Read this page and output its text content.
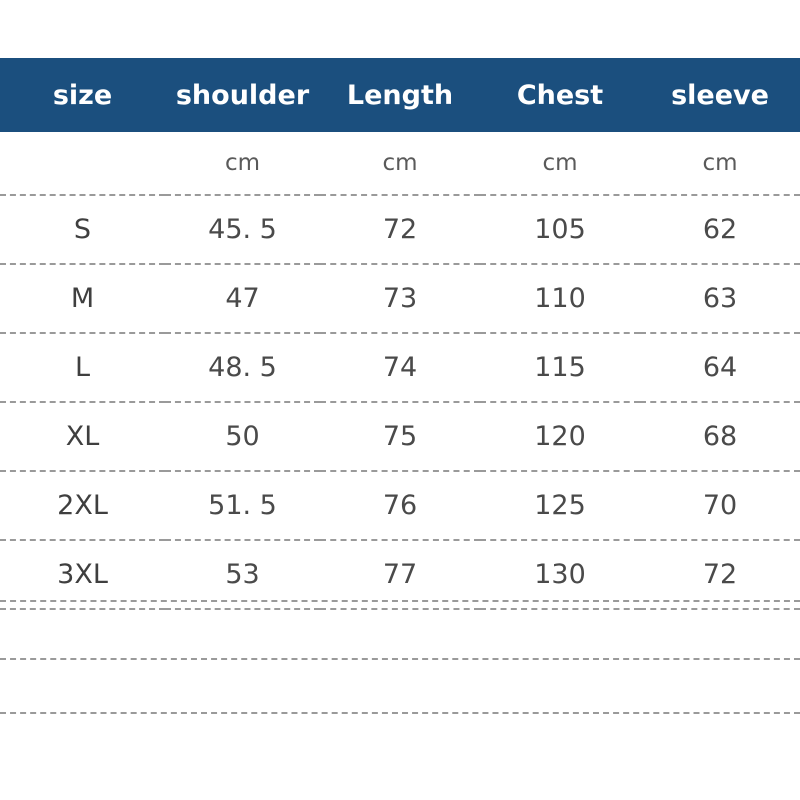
size	shoulder	Length	Chest	sleeve
	cm	cm	cm	cm
S	45. 5	72	105	62
M	47	73	110	63
L	48. 5	74	115	64
XL	50	75	120	68
2XL	51. 5	76	125	70
3XL	53	77	130	72
